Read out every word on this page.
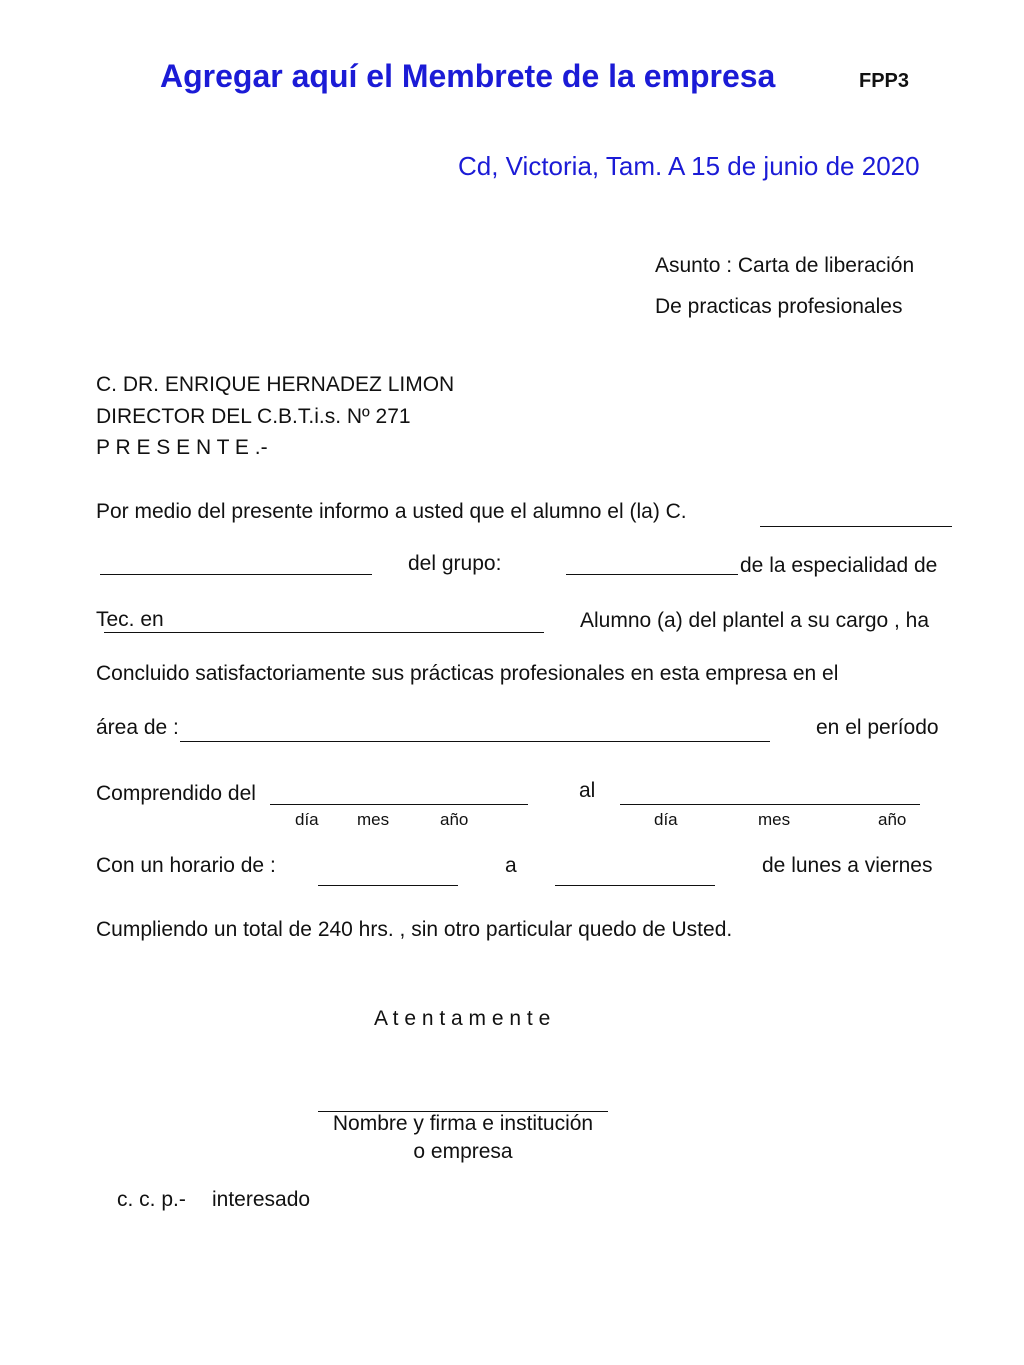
Agregar aquí el Membrete de la empresa	FPP3
Cd, Victoria, Tam. A 15 de junio de 2020
Asunto : Carta de liberación
De practicas profesionales
C. DR. ENRIQUE HERNADEZ LIMON
DIRECTOR DEL C.B.T.i.s. Nº 271
P R E S E N T E .-
Por medio del presente informo a usted que el alumno el (la) C.
del grupo:	de la especialidad de
Tec. en	Alumno (a) del plantel a su cargo , ha
Concluido satisfactoriamente sus prácticas profesionales en esta empresa en el
área de :	en el período
Comprendido del
día mes	año
al
día	mes	año
Con un horario de :	a	de lunes a viernes
Cumpliendo un total de 240 hrs. , sin otro particular quedo de Usted.
A t e n t a m e n t e
Nombre y firma e institución
o empresa
c. c. p.- interesado
